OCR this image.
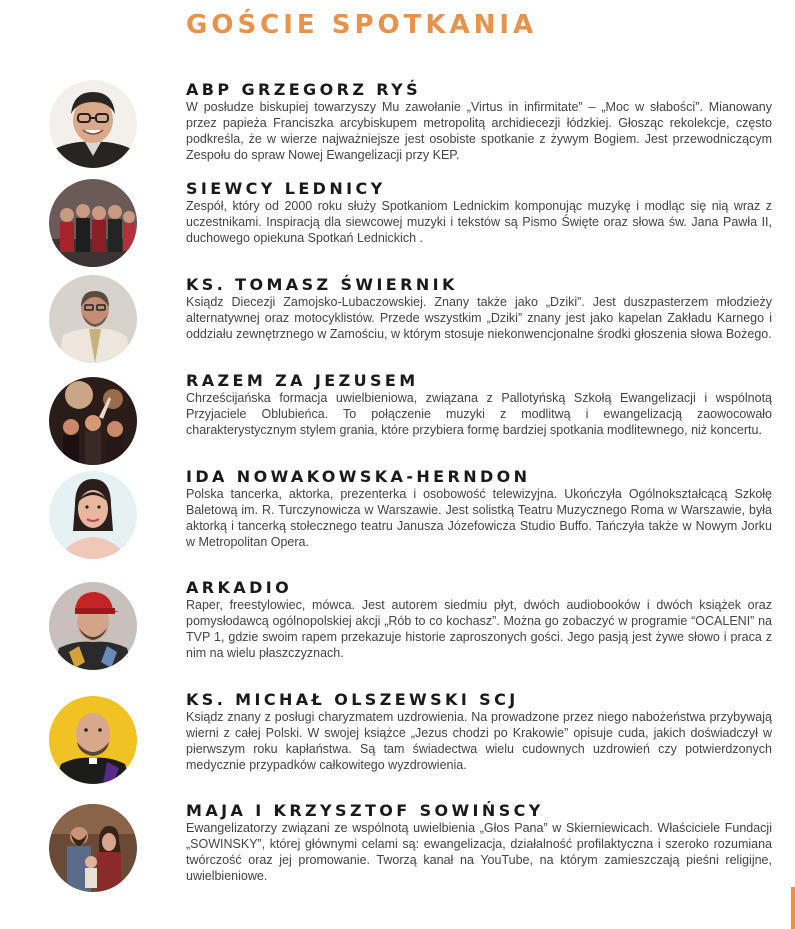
GOŚCIE SPOTKANIA
ABP GRZEGORZ RYŚ

W posłudze biskupiej towarzyszy Mu zawołanie „Virtus in infirmitate” – „Moc w słabości”. Mianowany przez papieża Franciszka arcybiskupem metropolitą archidiecezji łódzkiej. Głosząc rekolekcje, często podkreśla, że w wierze najważniejsze jest osobiste spotkanie z żywym Bogiem. Jest przewodniczącym Zespołu do spraw Nowej Ewangelizacji przy KEP.

SIEWCY LEDNICY

Zespół, który od 2000 roku służy Spotkaniom Lednickim komponując muzykę i modląc się nią wraz z uczestnikami. Inspiracją dla siewcowej muzyki i tekstów są Pismo Święte oraz słowa św. Jana Pawła II, duchowego opiekuna Spotkań Lednickich .

KS. TOMASZ ŚWIERNIK

Ksiądz Diecezji Zamojsko-Lubaczowskiej. Znany także jako „Dziki”. Jest duszpasterzem młodzieży alternatywnej oraz motocyklistów. Przede wszystkim „Dziki” znany jest jako kapelan Zakładu Karnego i oddziału zewnętrznego w Zamościu, w którym stosuje niekonwencjonalne środki głoszenia słowa Bożego.

RAZEM ZA JEZUSEM

Chrześcijańska formacja uwielbieniowa, związana z Pallotyńską Szkołą Ewangelizacji i wspólnotą Przyjaciele Oblubieńca. To połączenie muzyki z modlitwą i ewangelizacją zaowocowało charakterystycznym stylem grania, które przybiera formę bardziej spotkania modlitewnego, niż koncertu.

IDA NOWAKOWSKA-HERNDON

Polska tancerka, aktorka, prezenterka i osobowość telewizyjna. Ukończyła Ogólnokształcącą Szkołę Baletową im. R. Turczynowicza w Warszawie. Jest solistką Teatru Muzycznego Roma w Warszawie, była aktorką i tancerką stołecznego teatru Janusza Józefowicza Studio Buffo. Tańczyła także w Nowym Jorku w Metropolitan Opera.

ARKADIO

Raper, freestylowiec, mówca. Jest autorem siedmiu płyt, dwóch audiobooków i dwóch książek oraz pomysłodawcą ogólnopolskiej akcji „Rób to co kochasz”. Można go zobaczyć w programie “OCALENI” na TVP 1, gdzie swoim rapem przekazuje historie zaproszonych gości. Jego pasją jest żywe słowo i praca z nim na wielu płaszczyznach.

KS. MICHAŁ OLSZEWSKI SCJ

Ksiądz znany z posługi charyzmatem uzdrowienia. Na prowadzone przez niego nabożeństwa przybywają wierni z całej Polski. W swojej książce „Jezus chodzi po Krakowie” opisuje cuda, jakich doświadczył w pierwszym roku kapłaństwa. Są tam świadectwa wielu cudownych uzdrowień czy potwierdzonych medycznie przypadków całkowitego wyzdrowienia.

MAJA I KRZYSZTOF SOWIŃSCY

Ewangelizatorzy związani ze wspólnotą uwielbienia „Głos Pana” w Skierniewicach. Właściciele Fundacji „SOWINSKY”, której głównymi celami są: ewangelizacja, działalność profilaktyczna i szeroko rozumiana twórczość oraz jej promowanie. Tworzą kanał na YouTube, na którym zamieszczają pieśni religijne, uwielbieniowe.
